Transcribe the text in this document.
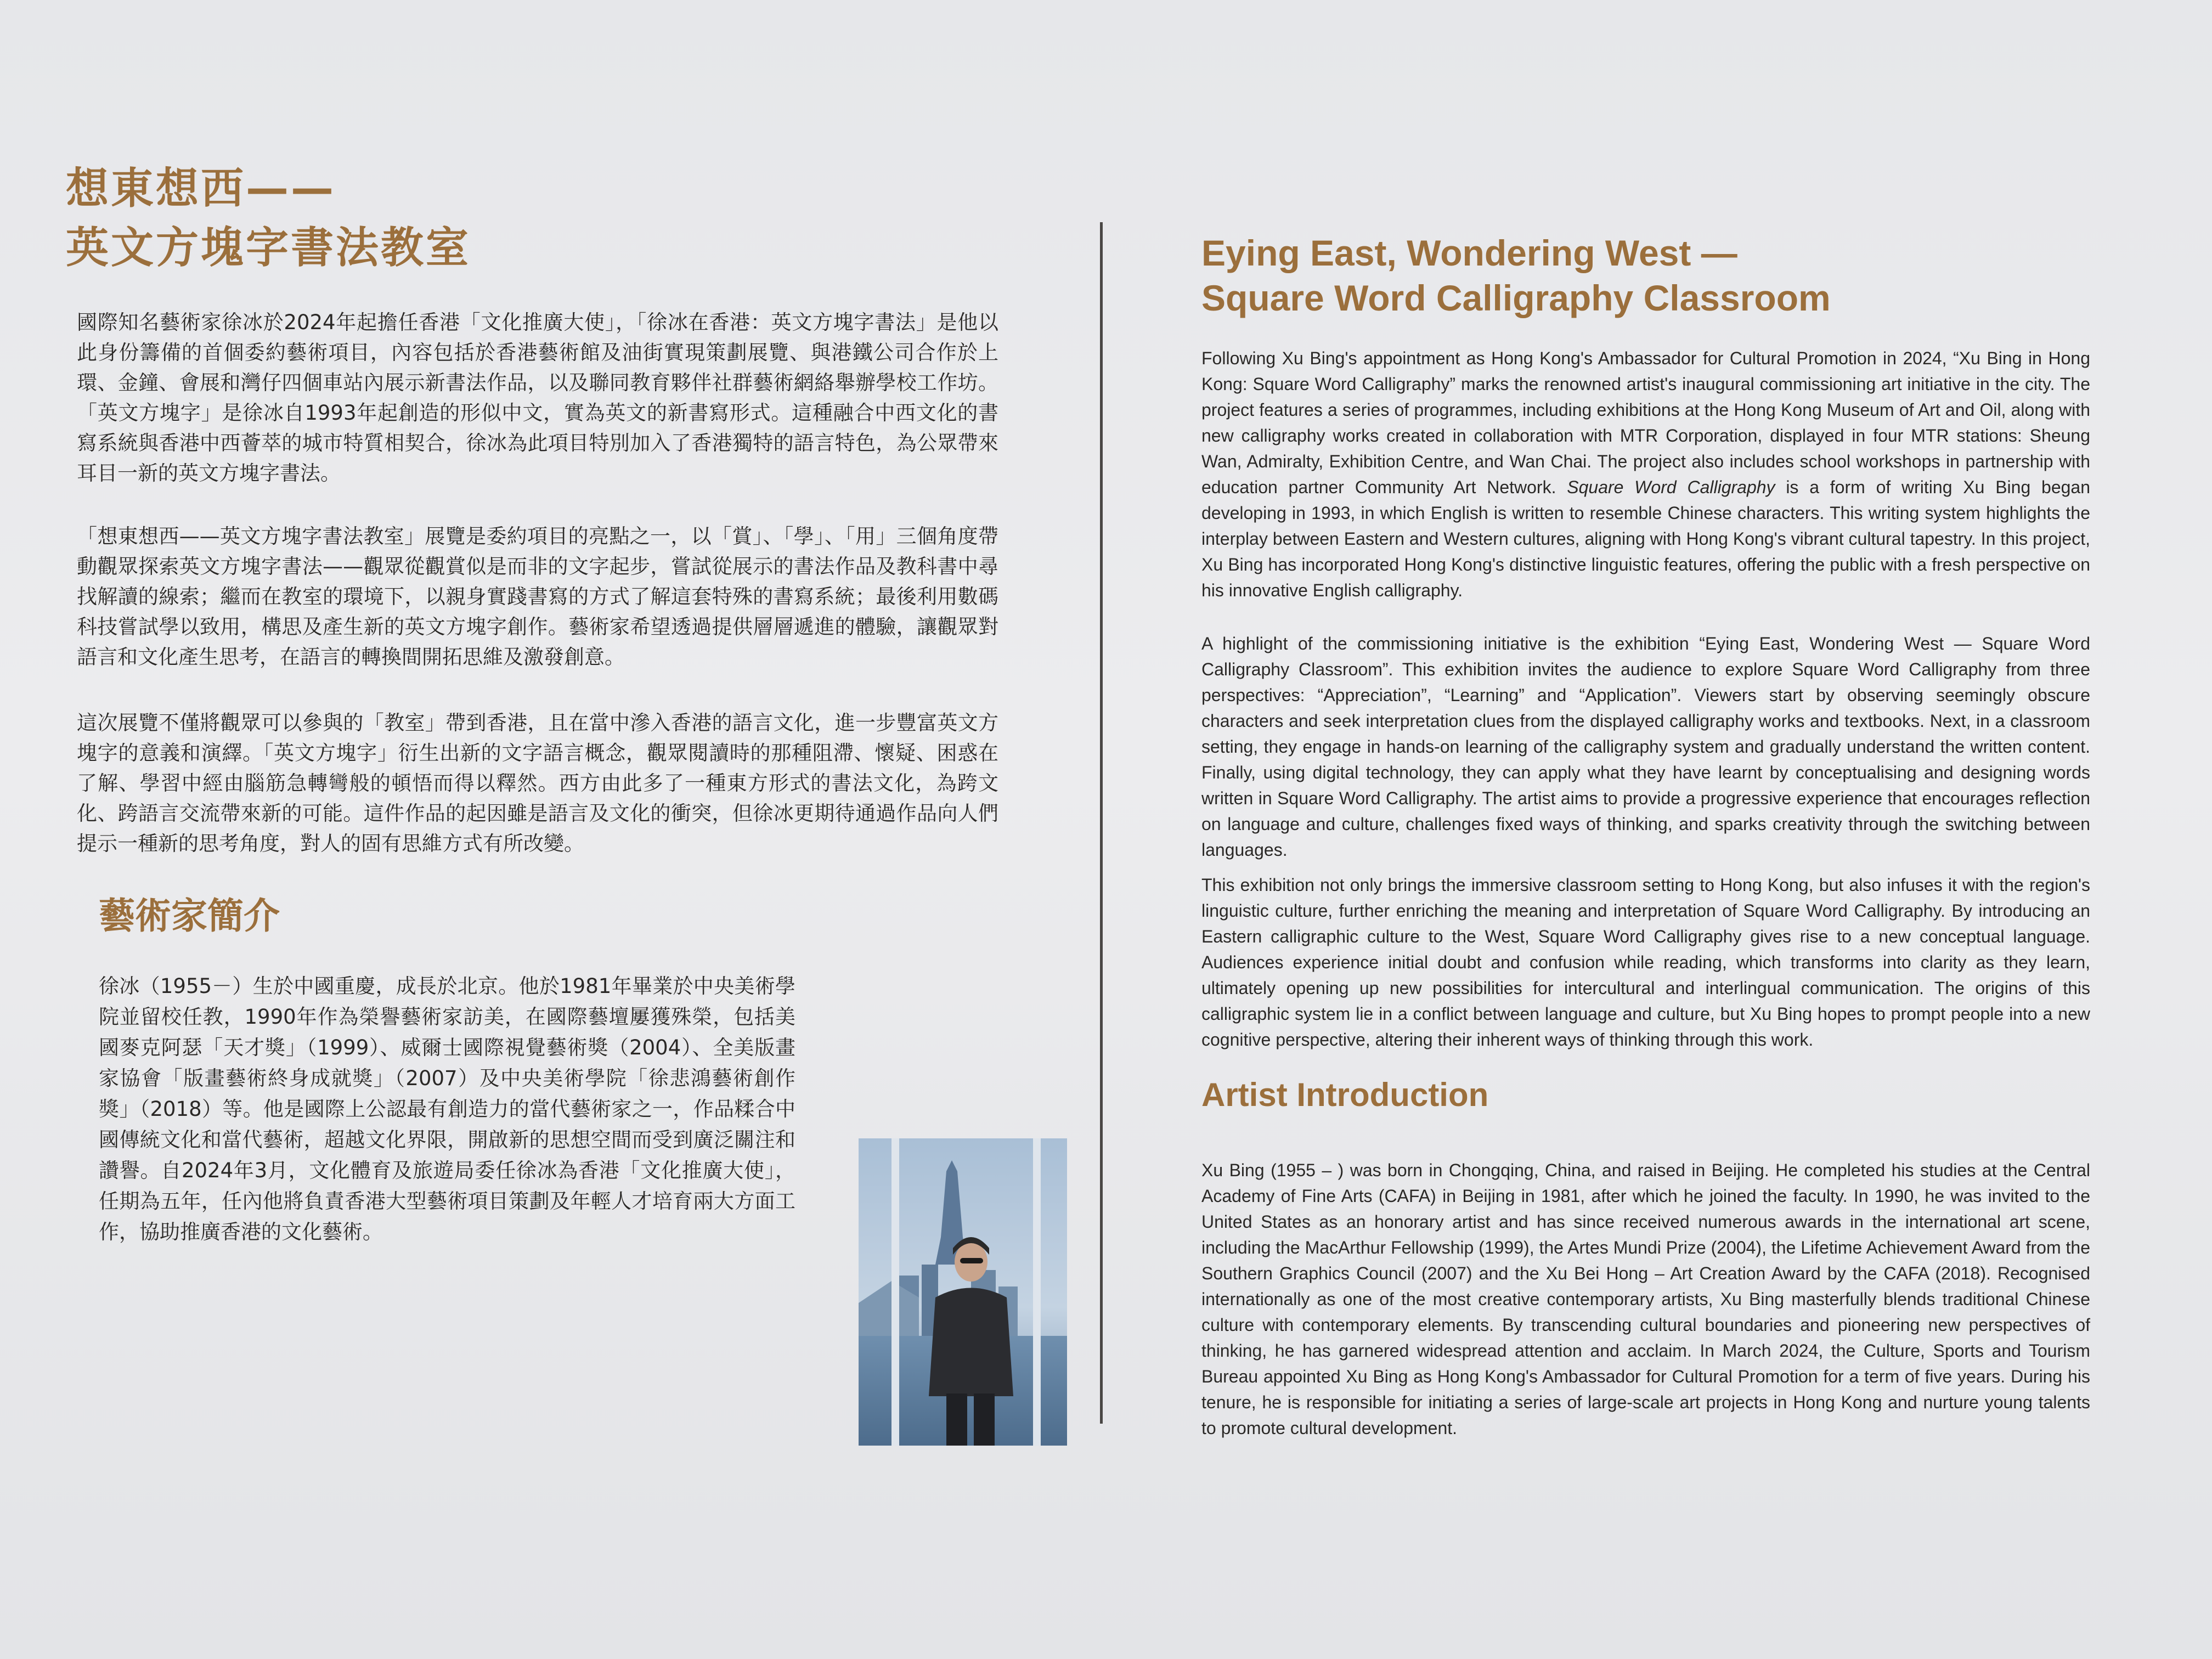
想東想西——

英文方塊字書法教室

國際知名藝術家徐冰於2024年起擔任香港「文化推廣大使」，「徐冰在香港：英文方塊字書法」是他以此身份籌備的首個委約藝術項目，內容包括於香港藝術館及油街實現策劃展覽、與港鐵公司合作於上環、金鐘、會展和灣仔四個車站內展示新書法作品，以及聯同教育夥伴社群藝術網絡舉辦學校工作坊。「英文方塊字」是徐冰自1993年起創造的形似中文，實為英文的新書寫形式。這種融合中西文化的書寫系統與香港中西薈萃的城市特質相契合，徐冰為此項目特別加入了香港獨特的語言特色，為公眾帶來耳目一新的英文方塊字書法。

「想東想西——英文方塊字書法教室」展覽是委約項目的亮點之一，以「賞」、「學」、「用」三個角度帶動觀眾探索英文方塊字書法——觀眾從觀賞似是而非的文字起步，嘗試從展示的書法作品及教科書中尋找解讀的線索；繼而在教室的環境下，以親身實踐書寫的方式了解這套特殊的書寫系統；最後利用數碼科技嘗試學以致用，構思及產生新的英文方塊字創作。藝術家希望透過提供層層遞進的體驗，讓觀眾對語言和文化產生思考，在語言的轉換間開拓思維及激發創意。

這次展覽不僅將觀眾可以參與的「教室」帶到香港，且在當中滲入香港的語言文化，進一步豐富英文方塊字的意義和演繹。「英文方塊字」衍生出新的文字語言概念，觀眾閱讀時的那種阻滯、懷疑、困惑在了解、學習中經由腦筋急轉彎般的頓悟而得以釋然。西方由此多了一種東方形式的書法文化，為跨文化、跨語言交流帶來新的可能。這件作品的起因雖是語言及文化的衝突，但徐冰更期待通過作品向人們提示一種新的思考角度，對人的固有思維方式有所改變。

藝術家簡介

徐冰（1955－）生於中國重慶，成長於北京。他於1981年畢業於中央美術學院並留校任教，1990年作為榮譽藝術家訪美，在國際藝壇屢獲殊榮，包括美國麥克阿瑟「天才獎」（1999）、威爾士國際視覺藝術獎（2004）、全美版畫家協會「版畫藝術終身成就獎」（2007）及中央美術學院「徐悲鴻藝術創作獎」（2018）等。他是國際上公認最有創造力的當代藝術家之一，作品糅合中國傳統文化和當代藝術，超越文化界限，開啟新的思想空間而受到廣泛關注和讚譽。自2024年3月，文化體育及旅遊局委任徐冰為香港「文化推廣大使」，任期為五年，任內他將負責香港大型藝術項目策劃及年輕人才培育兩大方面工作，協助推廣香港的文化藝術。

Eying East, Wondering West —

Square Word Calligraphy Classroom

Following Xu Bing's appointment as Hong Kong's Ambassador for Cultural Promotion in 2024, “Xu Bing in Hong Kong: Square Word Calligraphy” marks the renowned artist's inaugural commissioning art initiative in the city. The project features a series of programmes, including exhibitions at the Hong Kong Museum of Art and Oil, along with new calligraphy works created in collaboration with MTR Corporation, displayed in four MTR stations: Sheung Wan, Admiralty, Exhibition Centre, and Wan Chai. The project also includes school workshops in partnership with education partner Community Art Network. Square Word Calligraphy is a form of writing Xu Bing began developing in 1993, in which English is written to resemble Chinese characters. This writing system highlights the interplay between Eastern and Western cultures, aligning with Hong Kong's vibrant cultural tapestry. In this project, Xu Bing has incorporated Hong Kong's distinctive linguistic features, offering the public with a fresh perspective on his innovative English calligraphy.

A highlight of the commissioning initiative is the exhibition “Eying East, Wondering West — Square Word Calligraphy Classroom”. This exhibition invites the audience to explore Square Word Calligraphy from three perspectives: “Appreciation”, “Learning” and “Application”. Viewers start by observing seemingly obscure characters and seek interpretation clues from the displayed calligraphy works and textbooks. Next, in a classroom setting, they engage in hands-on learning of the calligraphy system and gradually understand the written content. Finally, using digital technology, they can apply what they have learnt by conceptualising and designing words written in Square Word Calligraphy. The artist aims to provide a progressive experience that encourages reflection on language and culture, challenges fixed ways of thinking, and sparks creativity through the switching between languages.

This exhibition not only brings the immersive classroom setting to Hong Kong, but also infuses it with the region's linguistic culture, further enriching the meaning and interpretation of Square Word Calligraphy. By introducing an Eastern calligraphic culture to the West, Square Word Calligraphy gives rise to a new conceptual language. Audiences experience initial doubt and confusion while reading, which transforms into clarity as they learn, ultimately opening up new possibilities for intercultural and interlingual communication. The origins of this calligraphic system lie in a conflict between language and culture, but Xu Bing hopes to prompt people into a new cognitive perspective, altering their inherent ways of thinking through this work.

Artist Introduction

Xu Bing (1955 – ) was born in Chongqing, China, and raised in Beijing. He completed his studies at the Central Academy of Fine Arts (CAFA) in Beijing in 1981, after which he joined the faculty. In 1990, he was invited to the United States as an honorary artist and has since received numerous awards in the international art scene, including the MacArthur Fellowship (1999), the Artes Mundi Prize (2004), the Lifetime Achievement Award from the Southern Graphics Council (2007) and the Xu Bei Hong – Art Creation Award by the CAFA (2018). Recognised internationally as one of the most creative contemporary artists, Xu Bing masterfully blends traditional Chinese culture with contemporary elements. By transcending cultural boundaries and pioneering new perspectives of thinking, he has garnered widespread attention and acclaim. In March 2024, the Culture, Sports and Tourism Bureau appointed Xu Bing as Hong Kong's Ambassador for Cultural Promotion for a term of five years. During his tenure, he is responsible for initiating a series of large-scale art projects in Hong Kong and nurture young talents to promote cultural development.
